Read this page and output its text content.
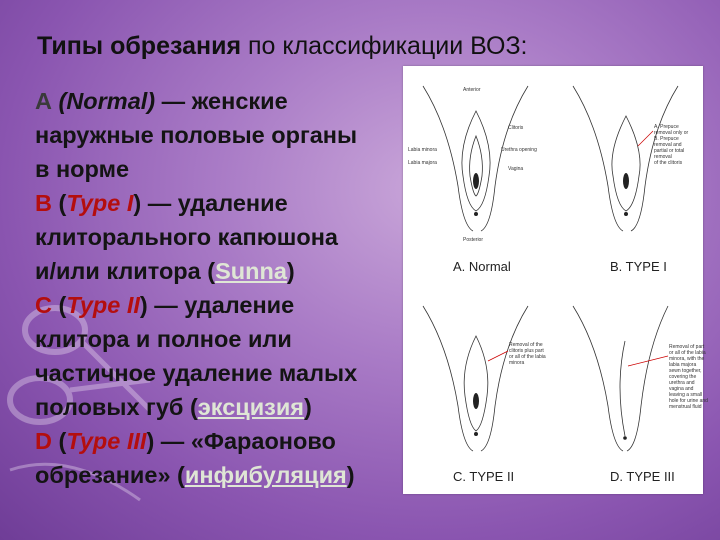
Типы обрезания по классификации ВОЗ:
A (Normal) — женские
наружные половые органы
в норме
B (Type I) — удаление
клиторального капюшона
и/или клитора (Sunna)
C (Type II) — удаление
клитора и полное или
частичное удаление малых
половых губ (эксцизия)
D (Type III) — «Фараоново
обрезание» (инфибуляция)
Anterior
Clitoris
Labia minora
Labia majora
Urethra opening
Vagina
Posterior
A. Normal
A. Prepuce
removal only or
B. Prepuce
removal and
partial or total
removal
of the clitoris
B. TYPE I
Removal of the
clitoris plus part
or all of the labia
minora
C. TYPE II
Removal of part
or all of the labia
minora, with the
labia majora
sewn together,
covering the
urethra and
vagina and
leaving a small
hole for urine and
menstrual fluid
D. TYPE III
